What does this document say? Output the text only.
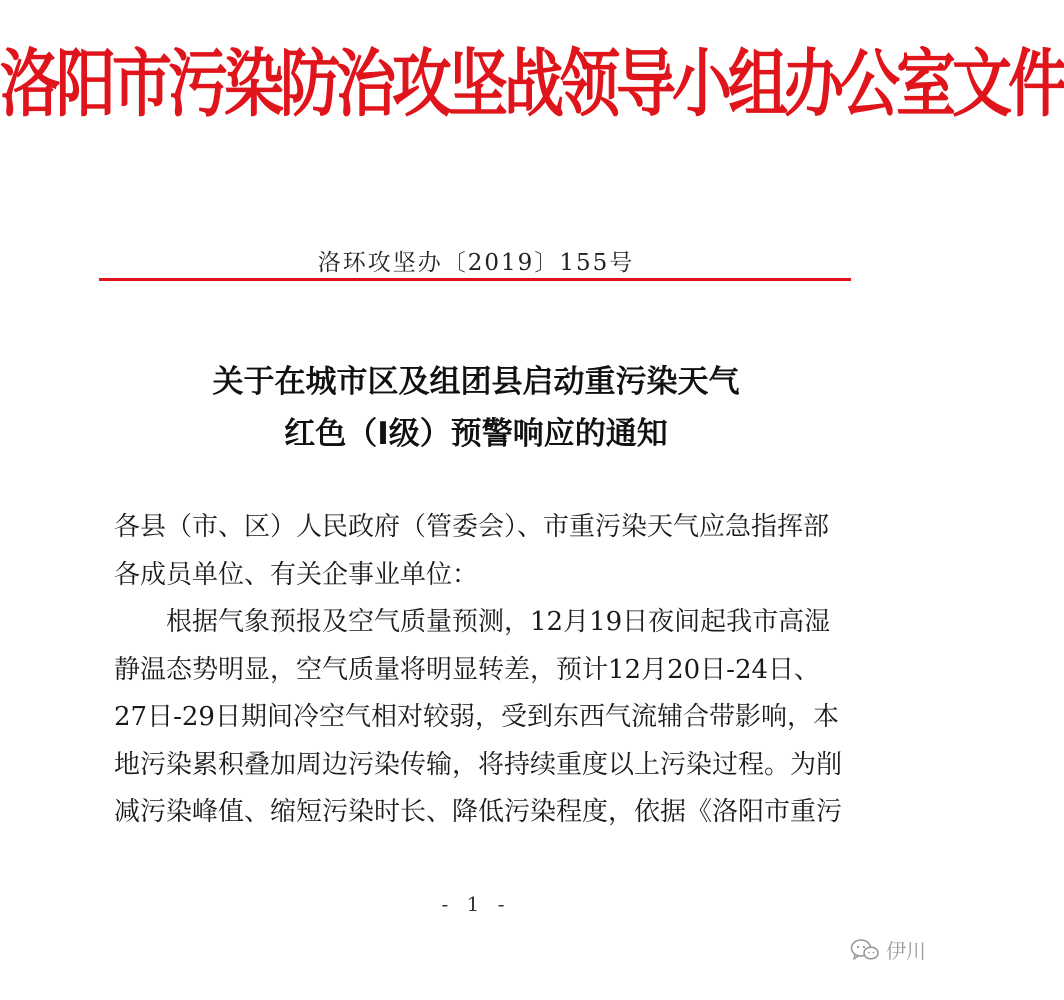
洛阳市污染防治攻坚战领导小组办公室文件
洛环攻坚办〔2019〕155号
关于在城市区及组团县启动重污染天气
红色（Ⅰ级）预警响应的通知
各县（市、区）人民政府（管委会）、市重污染天气应急指挥部
各成员单位、有关企事业单位：
根据气象预报及空气质量预测，12月19日夜间起我市高湿
静温态势明显，空气质量将明显转差，预计12月20日-24日、
27日-29日期间冷空气相对较弱，受到东西气流辅合带影响，本
地污染累积叠加周边污染传输，将持续重度以上污染过程。为削
减污染峰值、缩短污染时长、降低污染程度，依据《洛阳市重污
- 1 -
伊川
